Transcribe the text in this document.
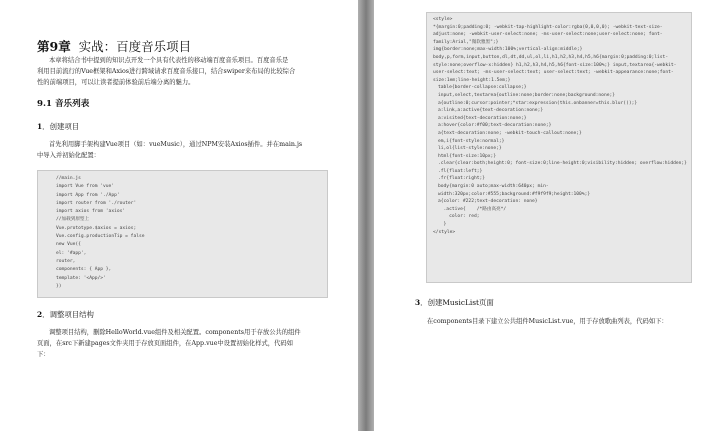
第9章 实战：百度音乐项目
本章将结合书中提到的知识点开发一个具有代表性的移动端百度音乐项目。百度音乐是
利用目前流行的Vue框架和Axios进行跨域请求百度音乐接口，结合swiper来布局的比较综合
性的前端项目，可以让读者提前体验前后端分离的魅力。
9.1 音乐列表
1．创建项目
首先利用脚手架构建Vue项目（如：vueMusic），通过NPM安装Axios插件。并在main.js
中导入并初始化配置：
//main.js
import Vue from 'vue'
import App from './App'
import router from './router'
import axios from 'axios'
//加载到原型上
Vue.prototype.$axios = axios;
Vue.config.productionTip = false
new Vue({
el: '#app',
router,
components: { App },
template: '<App/>'
})
2．调整项目结构
调整项目结构，删除HelloWorld.vue组件及相关配置。components用于存放公共的组件
页面，在src下新建pages文件夹用于存放页面组件，在App.vue中设置初始化样式，代码如
下：
<style>
*{margin:0;padding:0; -webkit-tap-highlight-color:rgba(0,0,0,0); -webkit-text-size-adjust:none; -webkit-user-select:none; -ms-user-select:none;user-select:none; font-family:Arial,"微软雅黑";}
img{border:none;max-width:100%;vertical-align:middle;} body,p,form,input,button,dl,dt,dd,ul,ol,li,h1,h2,h3,h4,h5,h6{margin:0;padding:0;list-style:none;overflow-x:hidden} h1,h2,h3,h4,h5,h6{font-size:100%;} input,textarea{-webkit-user-select:text; -ms-user-select:text; user-select:text; -webkit-appearance:none;font-size:1em;line-height:1.5em;}
table{border-collapse:collapse;}
input,select,textarea{outline:none;border:none;background:none;}
a{outline:0;cursor:pointer;*star:expression(this.onbanner=this.blur());}
a:link,a:active{text-decoration:none;}
a:visited{text-decoration:none;}
a:hover{color:#f00;text-decoration:none;}
a{text-decoration:none; -webkit-touch-callout:none;}
em,i{font-style:normal;}
li,ol{list-style:none;}
html{font-size:10px;}
.clear{clear:both;height:0; font-size:0;line-height:0;visibility:hidden; overflow:hidden;}
.fl{float:left;}
.fr{float:right;}
body{margin:0 auto;max-width:640px; min-width:320px;color:#555;background:#f9f9f9;height:100%;}
a{color: #222;text-decoration: none}
.active{    /*路由高亮*/
color: red;
}
</style>
3．创建MusicList页面
在components目录下建立公共组件MusicList.vue，用于存放歌曲列表，代码如下：
